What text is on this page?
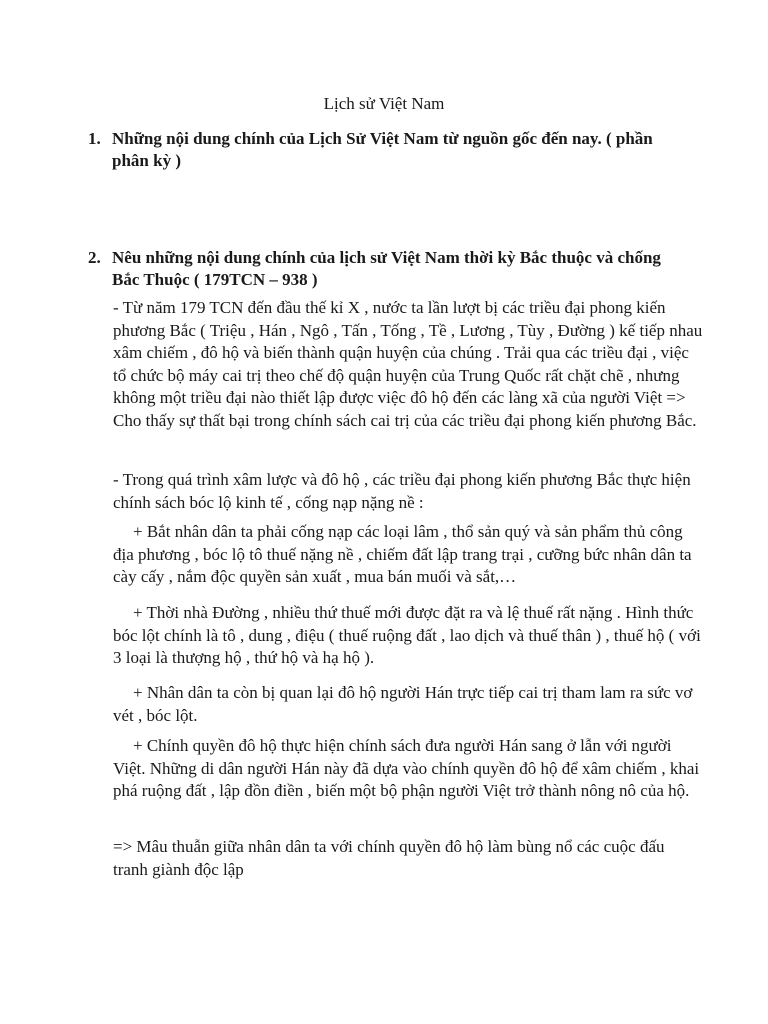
Lịch sử Việt Nam
1. Những nội dung chính của Lịch Sử Việt Nam từ nguồn gốc đến nay. ( phần phân kỳ )
2. Nêu những nội dung chính của lịch sử Việt Nam thời kỳ Bắc thuộc và chống Bắc Thuộc ( 179TCN – 938 )

- Từ năm 179 TCN đến đầu thế kỉ X , nước ta lần lượt bị các triều đại phong kiến phương Bắc ( Triệu , Hán , Ngô , Tấn , Tống , Tề , Lương , Tùy , Đường ) kế tiếp nhau xâm chiếm , đô hộ và biến thành quận huyện của chúng . Trải qua các triều đại , việc tổ chức bộ máy cai trị theo chế độ quận huyện của Trung Quốc rất chặt chẽ , nhưng không một triều đại nào thiết lập được việc đô hộ đến các làng xã của người Việt => Cho thấy sự thất bại trong chính sách cai trị của các triều đại phong kiến phương Bắc.

- Trong quá trình xâm lược và đô hộ , các triều đại phong kiến phương Bắc thực hiện chính sách bóc lộ kinh tế , cống nạp nặng nề :

+ Bắt nhân dân ta phải cống nạp các loại lâm , thổ sản quý và sản phẩm thủ công địa phương , bóc lộ tô thuế nặng nề , chiếm đất lập trang trại , cưỡng bức nhân dân ta cày cấy , nắm độc quyền sản xuất , mua bán muối và sắt,…

+ Thời nhà Đường , nhiều thứ thuế mới được đặt ra và lệ thuế rất nặng . Hình thức bóc lột chính là tô , dung , điệu ( thuế ruộng đất , lao dịch và thuế thân ) , thuế hộ ( với 3 loại là thượng hộ , thứ hộ và hạ hộ ).

+ Nhân dân ta còn bị quan lại đô hộ người Hán trực tiếp cai trị tham lam ra sức vơ vét , bóc lột.

+ Chính quyền đô hộ thực hiện chính sách đưa người Hán sang ở lẫn với người Việt. Những di dân người Hán này đã dựa vào chính quyền đô hộ để xâm chiếm , khai phá ruộng đất , lập đồn điền , biến một bộ phận người Việt trở thành nông nô của hộ.

=> Mâu thuẫn giữa nhân dân ta với chính quyền đô hộ làm bùng nổ các cuộc đấu tranh giành độc lập
